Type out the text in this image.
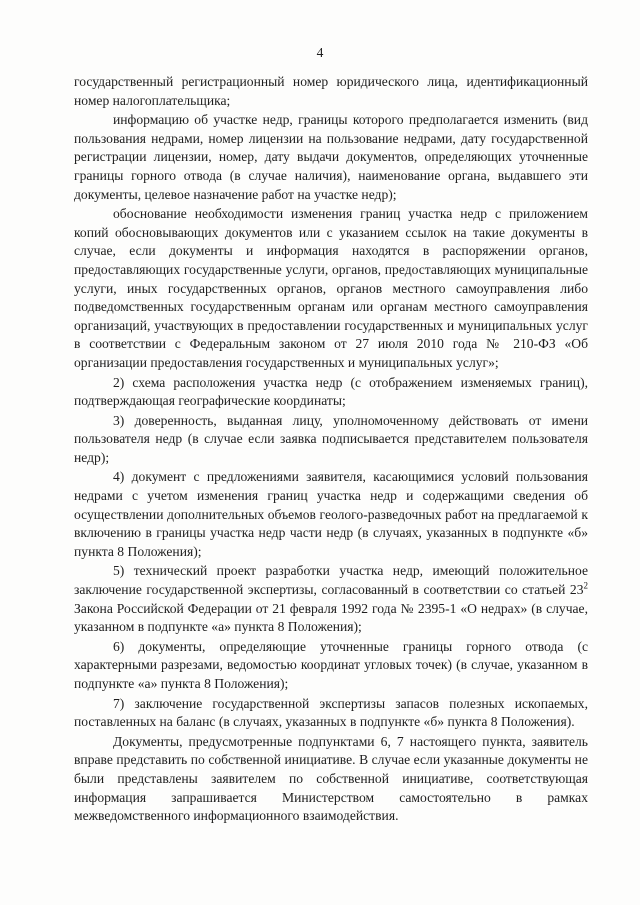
4

государственный регистрационный номер юридического лица, идентификационный номер налогоплательщика;

информацию об участке недр, границы которого предполагается изменить (вид пользования недрами, номер лицензии на пользование недрами, дату государственной регистрации лицензии, номер, дату выдачи документов, определяющих уточненные границы горного отвода (в случае наличия), наименование органа, выдавшего эти документы, целевое назначение работ на участке недр);

обоснование необходимости изменения границ участка недр с приложением копий обосновывающих документов или с указанием ссылок на такие документы в случае, если документы и информация находятся в распоряжении органов, предоставляющих государственные услуги, органов, предоставляющих муниципальные услуги, иных государственных органов, органов местного самоуправления либо подведомственных государственным органам или органам местного самоуправления организаций, участвующих в предоставлении государственных и муниципальных услуг в соответствии с Федеральным законом от 27 июля 2010 года № 210-ФЗ «Об организации предоставления государственных и муниципальных услуг»;

2) схема расположения участка недр (с отображением изменяемых границ), подтверждающая географические координаты;

3) доверенность, выданная лицу, уполномоченному действовать от имени пользователя недр (в случае если заявка подписывается представителем пользователя недр);

4) документ с предложениями заявителя, касающимися условий пользования недрами с учетом изменения границ участка недр и содержащими сведения об осуществлении дополнительных объемов геолого-разведочных работ на предлагаемой к включению в границы участка недр части недр (в случаях, указанных в подпункте «б» пункта 8 Положения);

5) технический проект разработки участка недр, имеющий положительное заключение государственной экспертизы, согласованный в соответствии со статьей $23^2$ Закона Российской Федерации от 21 февраля 1992 года № 2395-1 «О недрах» (в случае, указанном в подпункте «а» пункта 8 Положения);

6) документы, определяющие уточненные границы горного отвода (с характерными разрезами, ведомостью координат угловых точек) (в случае, указанном в подпункте «а» пункта 8 Положения);

7) заключение государственной экспертизы запасов полезных ископаемых, поставленных на баланс (в случаях, указанных в подпункте «б» пункта 8 Положения).

Документы, предусмотренные подпунктами 6, 7 настоящего пункта, заявитель вправе представить по собственной инициативе. В случае если указанные документы не были представлены заявителем по собственной инициативе, соответствующая информация запрашивается Министерством самостоятельно в рамках межведомственного информационного взаимодействия.
